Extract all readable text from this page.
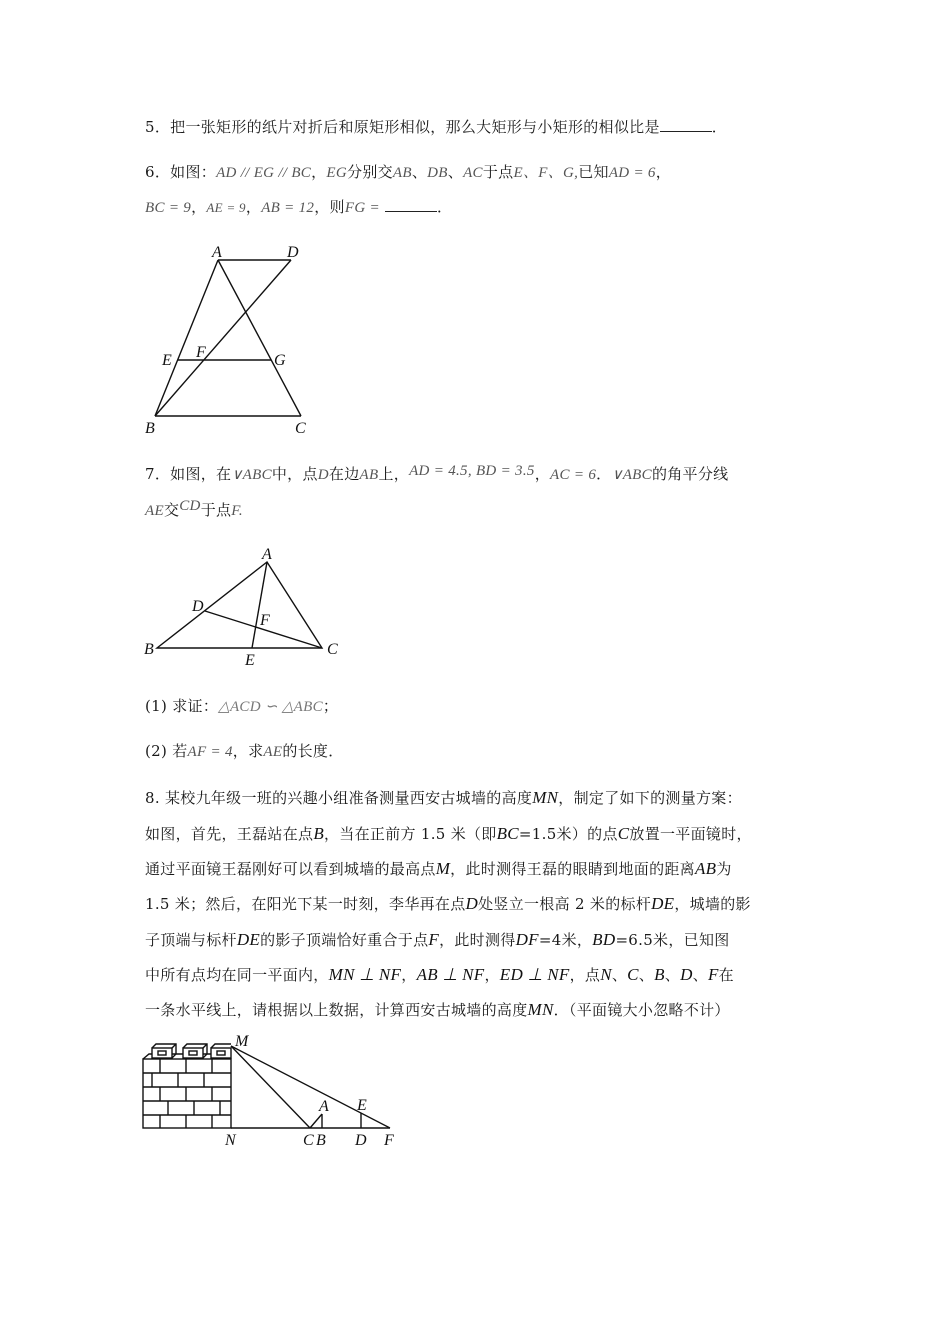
5．把一张矩形的纸片对折后和原矩形相似，那么大矩形与小矩形的相似比是	．
6．如图：AD // EG // BC，EG分别交AB、DB、AC于点E、F、G,已知AD = 6，
BC = 9，AE = 9，AB = 12，则FG =	．
A	D
E F	G
B	C
7．如图，在∨ABC中，点D在边AB上，AD = 4.5, BD = 3.5，AC = 6．∨ABC的角平分线
AE交CD于点F.
A
B	C
D
E
F
(1) 求证：△ACD ∽ △ABC；
(2) 若AF = 4，求AE的长度．
8. 某校九年级一班的兴趣小组准备测量西安古城墙的高度MN，制定了如下的测量方案：
如图，首先，王磊站在点B，当在正前方 1.5 米（即BC=1.5米）的点C放置一平面镜时，
通过平面镜王磊刚好可以看到城墙的最高点M，此时测得王磊的眼睛到地面的距离AB为
1.5 米；然后，在阳光下某一时刻，李华再在点D处竖立一根高 2 米的标杆DE，城墙的影
子顶端与标杆DE的影子顶端恰好重合于点F，此时测得DF=4米，BD=6.5米，已知图
中所有点均在同一平面内，MN ⊥ NF，AB ⊥ NF，ED ⊥ NF，点N、C、B、D、F在
一条水平线上，请根据以上数据，计算西安古城墙的高度MN．（平面镜大小忽略不计）
M
N
A E
C B D F
